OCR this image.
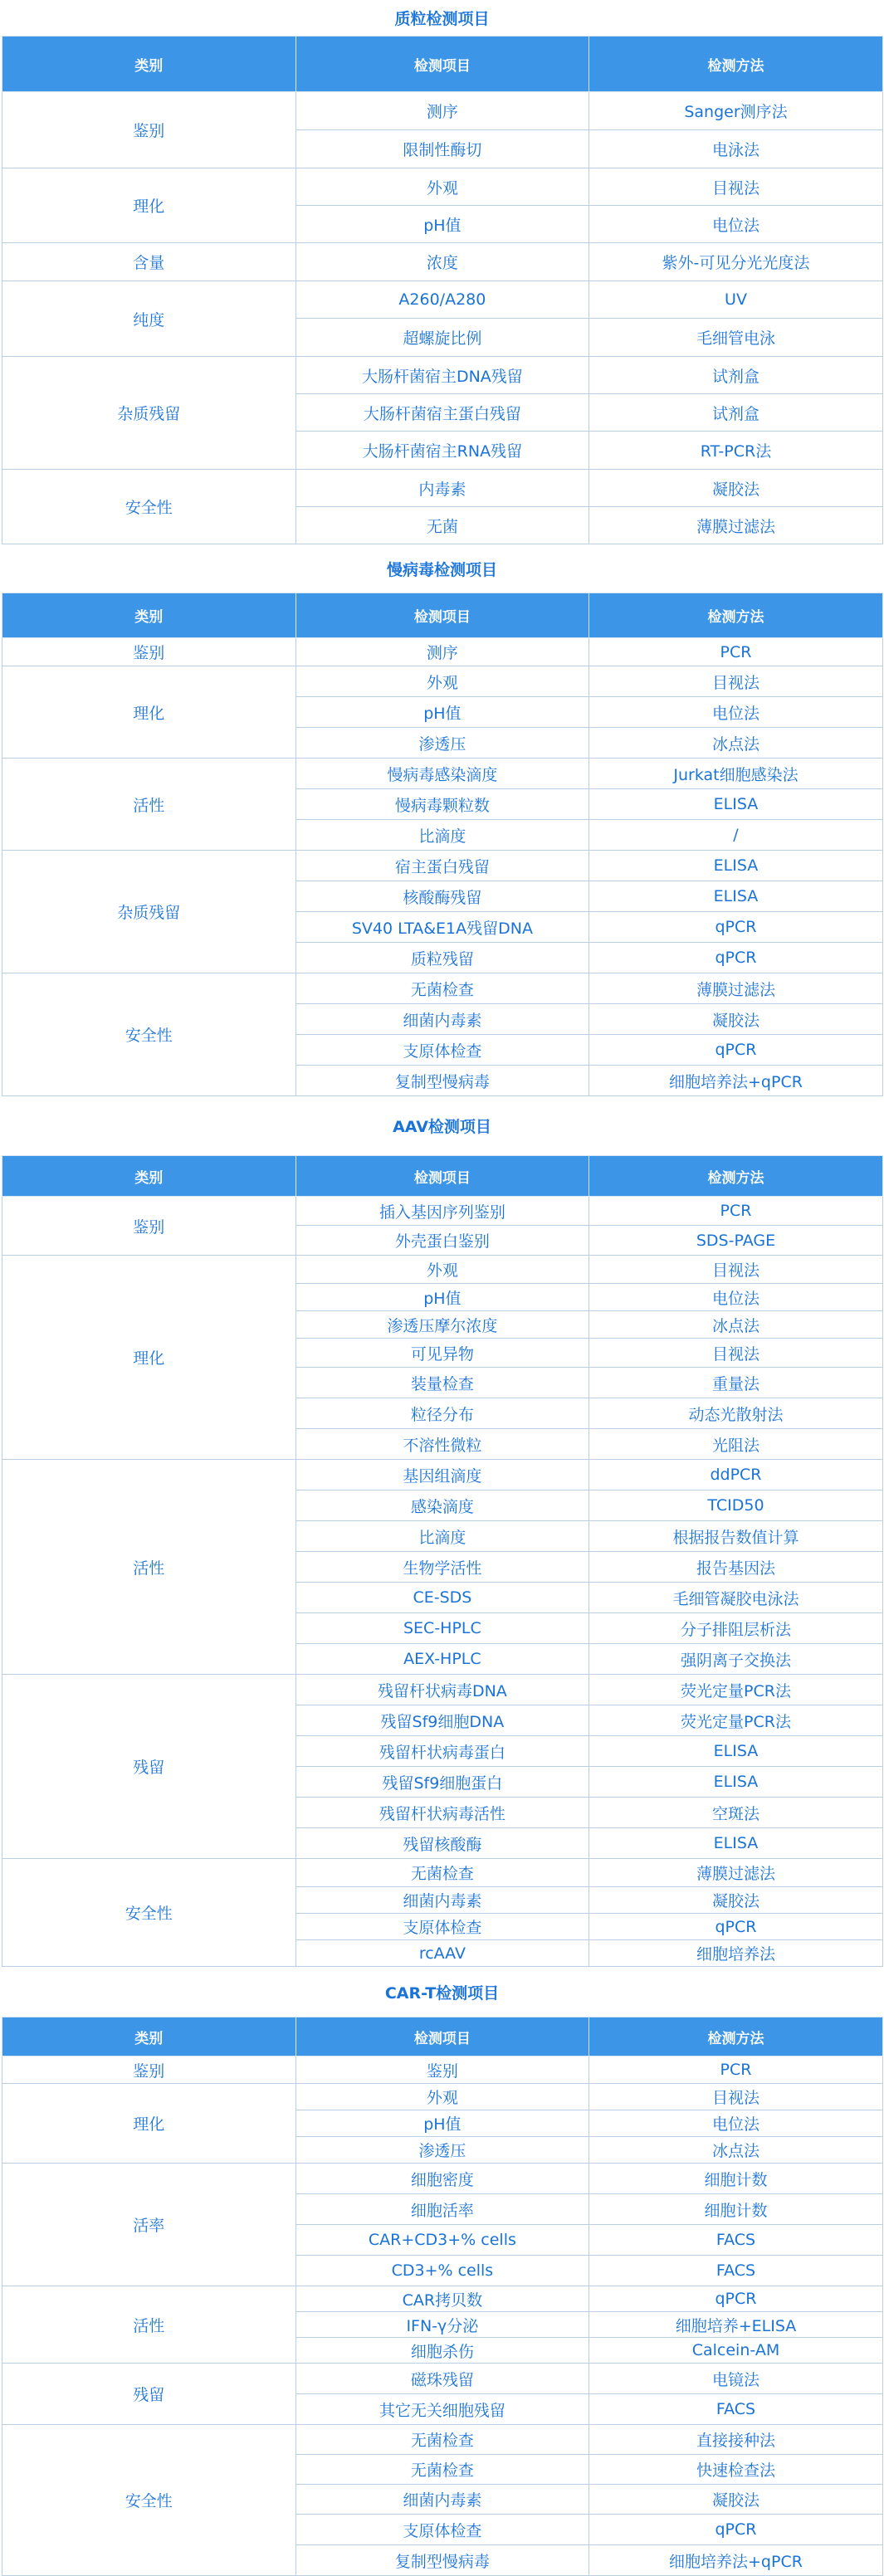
质粒检测项目
类别	检测项目	检测方法
鉴别	测序	Sanger测序法
	限制性酶切	电泳法
理化	外观	目视法
	pH值	电位法
含量	浓度	紫外-可见分光光度法
纯度	A260/A280	UV
	超螺旋比例	毛细管电泳
杂质残留	大肠杆菌宿主DNA残留	试剂盒
	大肠杆菌宿主蛋白残留	试剂盒
	大肠杆菌宿主RNA残留	RT-PCR法
安全性	内毒素	凝胶法
	无菌	薄膜过滤法
慢病毒检测项目
类别	检测项目	检测方法
鉴别	测序	PCR
理化	外观	目视法
	pH值	电位法
	渗透压	冰点法
活性	慢病毒感染滴度	Jurkat细胞感染法
	慢病毒颗粒数	ELISA
	比滴度	/
杂质残留	宿主蛋白残留	ELISA
	核酸酶残留	ELISA
	SV40 LTA&E1A残留DNA	qPCR
	质粒残留	qPCR
安全性	无菌检查	薄膜过滤法
	细菌内毒素	凝胶法
	支原体检查	qPCR
	复制型慢病毒	细胞培养法+qPCR
AAV检测项目
类别	检测项目	检测方法
鉴别	插入基因序列鉴别	PCR
	外壳蛋白鉴别	SDS-PAGE
理化	外观	目视法
	pH值	电位法
	渗透压摩尔浓度	冰点法
	可见异物	目视法
	装量检查	重量法
	粒径分布	动态光散射法
	不溶性微粒	光阻法
活性	基因组滴度	ddPCR
	感染滴度	TCID50
	比滴度	根据报告数值计算
	生物学活性	报告基因法
	CE-SDS	毛细管凝胶电泳法
	SEC-HPLC	分子排阻层析法
	AEX-HPLC	强阴离子交换法
残留	残留杆状病毒DNA	荧光定量PCR法
	残留Sf9细胞DNA	荧光定量PCR法
	残留杆状病毒蛋白	ELISA
	残留Sf9细胞蛋白	ELISA
	残留杆状病毒活性	空斑法
	残留核酸酶	ELISA
安全性	无菌检查	薄膜过滤法
	细菌内毒素	凝胶法
	支原体检查	qPCR
	rcAAV	细胞培养法
CAR-T检测项目
类别	检测项目	检测方法
鉴别	鉴别	PCR
理化	外观	目视法
	pH值	电位法
	渗透压	冰点法
活率	细胞密度	细胞计数
	细胞活率	细胞计数
	CAR+CD3+% cells	FACS
	CD3+% cells	FACS
活性	CAR拷贝数	qPCR
	IFN-γ分泌	细胞培养+ELISA
	细胞杀伤	Calcein-AM
残留	磁珠残留	电镜法
	其它无关细胞残留	FACS
安全性	无菌检查	直接接种法
	无菌检查	快速检查法
	细菌内毒素	凝胶法
	支原体检查	qPCR
	复制型慢病毒	细胞培养法+qPCR
